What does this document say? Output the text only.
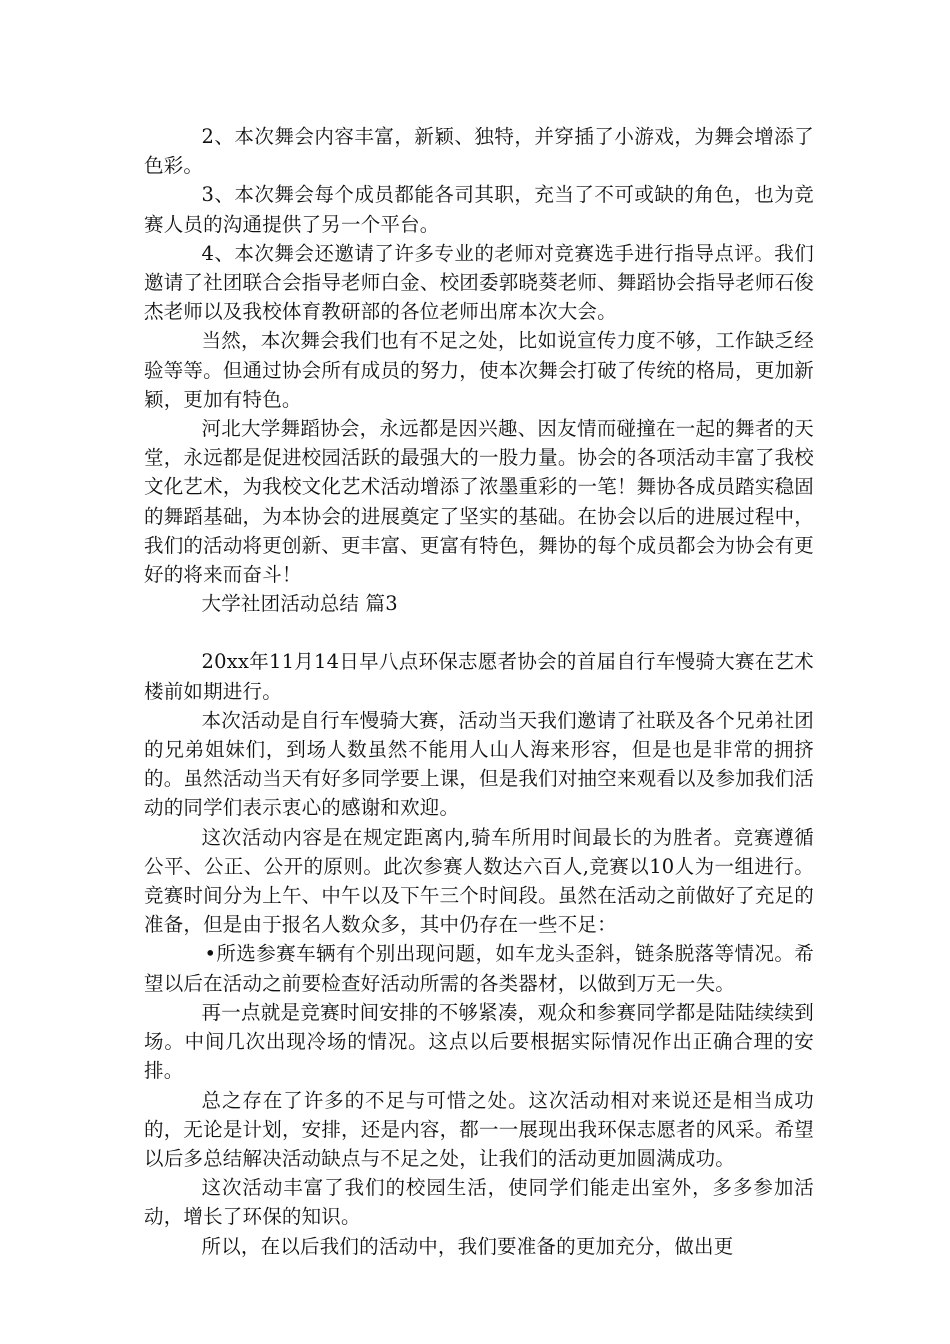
2、本次舞会内容丰富，新颖、独特，并穿插了小游戏，为舞会增添了色彩。

3、本次舞会每个成员都能各司其职，充当了不可或缺的角色，也为竞赛人员的沟通提供了另一个平台。

4、本次舞会还邀请了许多专业的老师对竞赛选手进行指导点评。我们邀请了社团联合会指导老师白金、校团委郭晓葵老师、舞蹈协会指导老师石俊杰老师以及我校体育教研部的各位老师出席本次大会。

当然，本次舞会我们也有不足之处，比如说宣传力度不够，工作缺乏经验等等。但通过协会所有成员的努力，使本次舞会打破了传统的格局，更加新颖，更加有特色。

河北大学舞蹈协会，永远都是因兴趣、因友情而碰撞在一起的舞者的天堂，永远都是促进校园活跃的最强大的一股力量。协会的各项活动丰富了我校文化艺术，为我校文化艺术活动增添了浓墨重彩的一笔！舞协各成员踏实稳固的舞蹈基础，为本协会的进展奠定了坚实的基础。在协会以后的进展过程中，我们的活动将更创新、更丰富、更富有特色，舞协的每个成员都会为协会有更好的将来而奋斗！

大学社团活动总结 篇3

20xx年11月14日早八点环保志愿者协会的首届自行车慢骑大赛在艺术楼前如期进行。

本次活动是自行车慢骑大赛，活动当天我们邀请了社联及各个兄弟社团的兄弟姐妹们，到场人数虽然不能用人山人海来形容，但是也是非常的拥挤的。虽然活动当天有好多同学要上课，但是我们对抽空来观看以及参加我们活动的同学们表示衷心的感谢和欢迎。

这次活动内容是在规定距离内,骑车所用时间最长的为胜者。竞赛遵循公平、公正、公开的原则。此次参赛人数达六百人,竞赛以10人为一组进行。竞赛时间分为上午、中午以及下午三个时间段。虽然在活动之前做好了充足的准备，但是由于报名人数众多，其中仍存在一些不足：

•所选参赛车辆有个别出现问题，如车龙头歪斜，链条脱落等情况。希望以后在活动之前要检查好活动所需的各类器材，以做到万无一失。

再一点就是竞赛时间安排的不够紧凑，观众和参赛同学都是陆陆续续到场。中间几次出现冷场的情况。这点以后要根据实际情况作出正确合理的安排。

总之存在了许多的不足与可惜之处。这次活动相对来说还是相当成功的，无论是计划，安排，还是内容，都一一展现出我环保志愿者的风采。希望以后多总结解决活动缺点与不足之处，让我们的活动更加圆满成功。

这次活动丰富了我们的校园生活，使同学们能走出室外，多多参加活动，增长了环保的知识。

所以，在以后我们的活动中，我们要准备的更加充分，做出更
